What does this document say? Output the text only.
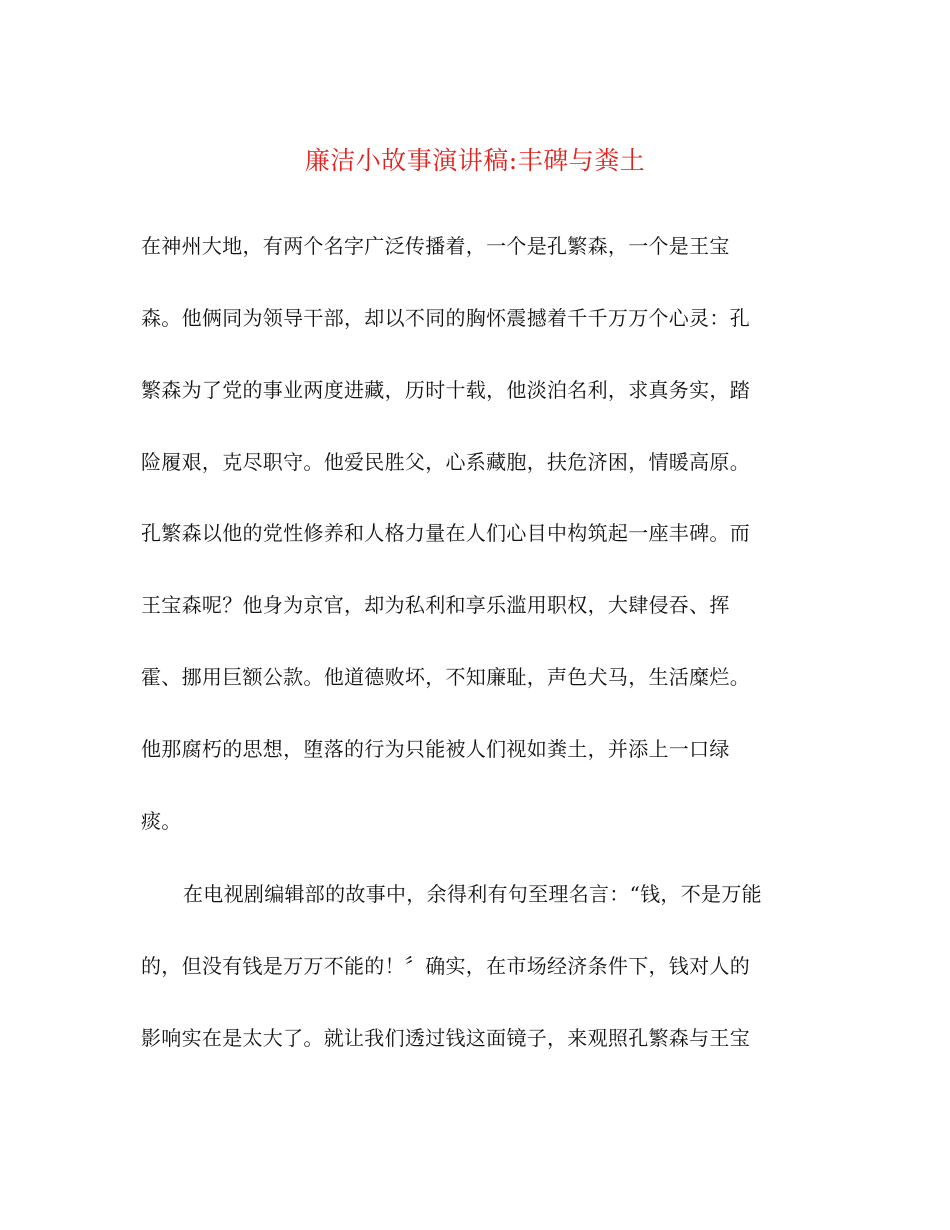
廉洁小故事演讲稿:丰碑与粪土
在神州大地，有两个名字广泛传播着，一个是孔繁森，一个是王宝
森。他俩同为领导干部，却以不同的胸怀震撼着千千万万个心灵：孔
繁森为了党的事业两度进藏，历时十载，他淡泊名利，求真务实，踏
险履艰，克尽职守。他爱民胜父，心系藏胞，扶危济困，情暖高原。
孔繁森以他的党性修养和人格力量在人们心目中构筑起一座丰碑。而
王宝森呢？他身为京官，却为私利和享乐滥用职权，大肆侵吞、挥
霍、挪用巨额公款。他道德败坏，不知廉耻，声色犬马，生活糜烂。
他那腐朽的思想，堕落的行为只能被人们视如粪土，并添上一口绿
痰。
在电视剧编辑部的故事中，余得利有句至理名言：“钱，不是万能
的，但没有钱是万万不能的！〞确实，在市场经济条件下，钱对人的
影响实在是太大了。就让我们透过钱这面镜子，来观照孔繁森与王宝
